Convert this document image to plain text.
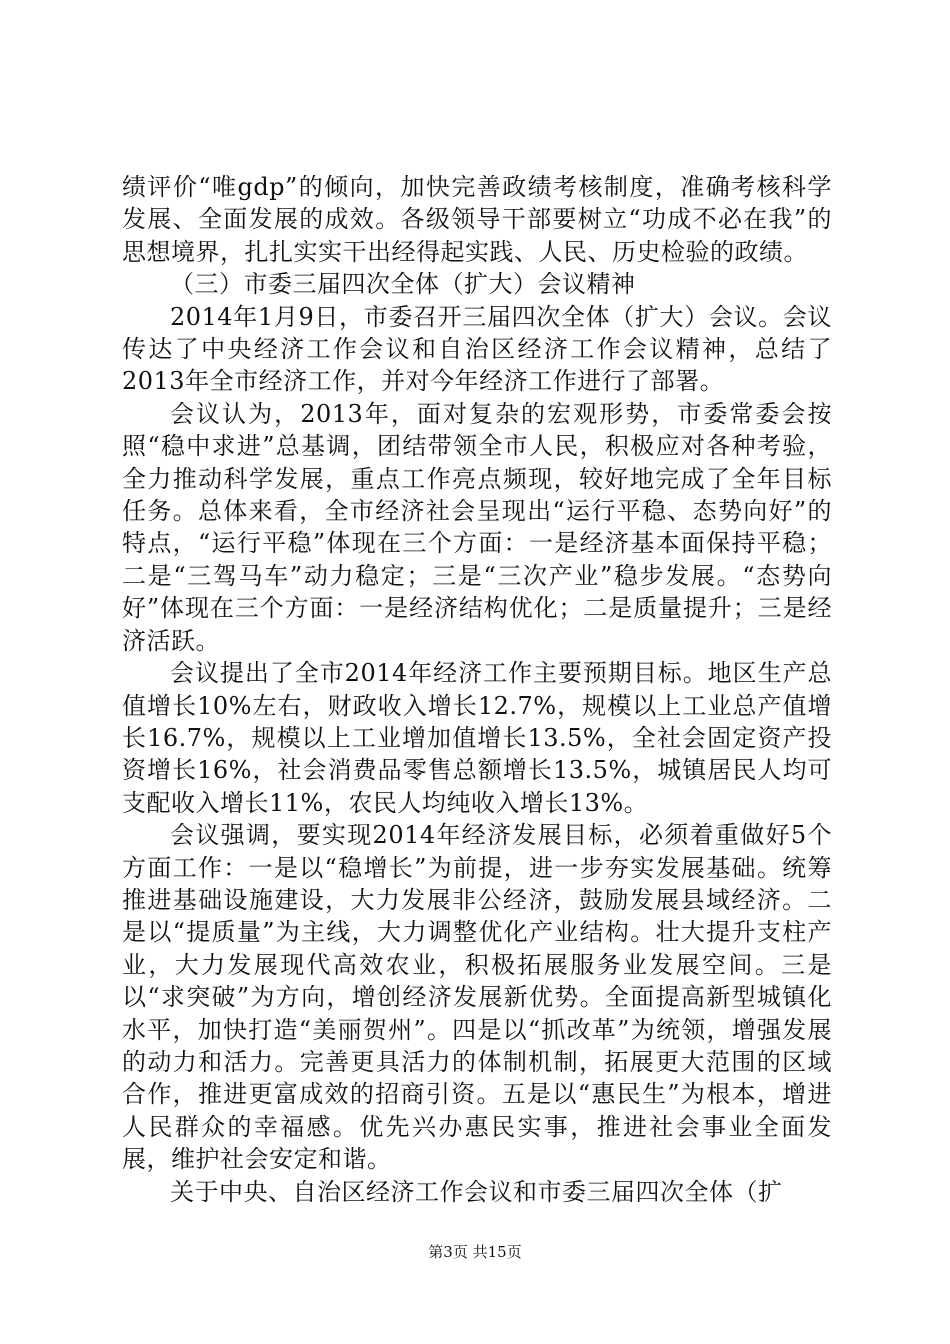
绩评价“唯gdp”的倾向，加快完善政绩考核制度，准确考核科学发展、全面发展的成效。各级领导干部要树立“功成不必在我”的思想境界，扎扎实实干出经得起实践、人民、历史检验的政绩。

（三）市委三届四次全体（扩大）会议精神

2014年1月9日，市委召开三届四次全体（扩大）会议。会议传达了中央经济工作会议和自治区经济工作会议精神，总结了2013年全市经济工作，并对今年经济工作进行了部署。

会议认为，2013年，面对复杂的宏观形势，市委常委会按照“稳中求进”总基调，团结带领全市人民，积极应对各种考验，全力推动科学发展，重点工作亮点频现，较好地完成了全年目标任务。总体来看，全市经济社会呈现出“运行平稳、态势向好”的特点，“运行平稳”体现在三个方面：一是经济基本面保持平稳；二是“三驾马车”动力稳定；三是“三次产业”稳步发展。“态势向好”体现在三个方面：一是经济结构优化；二是质量提升；三是经济活跃。

会议提出了全市2014年经济工作主要预期目标。地区生产总值增长10%左右，财政收入增长12.7%，规模以上工业总产值增长16.7%，规模以上工业增加值增长13.5%，全社会固定资产投资增长16%，社会消费品零售总额增长13.5%，城镇居民人均可支配收入增长11%，农民人均纯收入增长13%。

会议强调，要实现2014年经济发展目标，必须着重做好5个方面工作：一是以“稳增长”为前提，进一步夯实发展基础。统筹推进基础设施建设，大力发展非公经济，鼓励发展县域经济。二是以“提质量”为主线，大力调整优化产业结构。壮大提升支柱产业，大力发展现代高效农业，积极拓展服务业发展空间。三是以“求突破”为方向，增创经济发展新优势。全面提高新型城镇化水平，加快打造“美丽贺州”。四是以“抓改革”为统领，增强发展的动力和活力。完善更具活力的体制机制，拓展更大范围的区域合作，推进更富成效的招商引资。五是以“惠民生”为根本，增进人民群众的幸福感。优先兴办惠民实事，推进社会事业全面发展，维护社会安定和谐。

关于中央、自治区经济工作会议和市委三届四次全体（扩

第3页 共15页
